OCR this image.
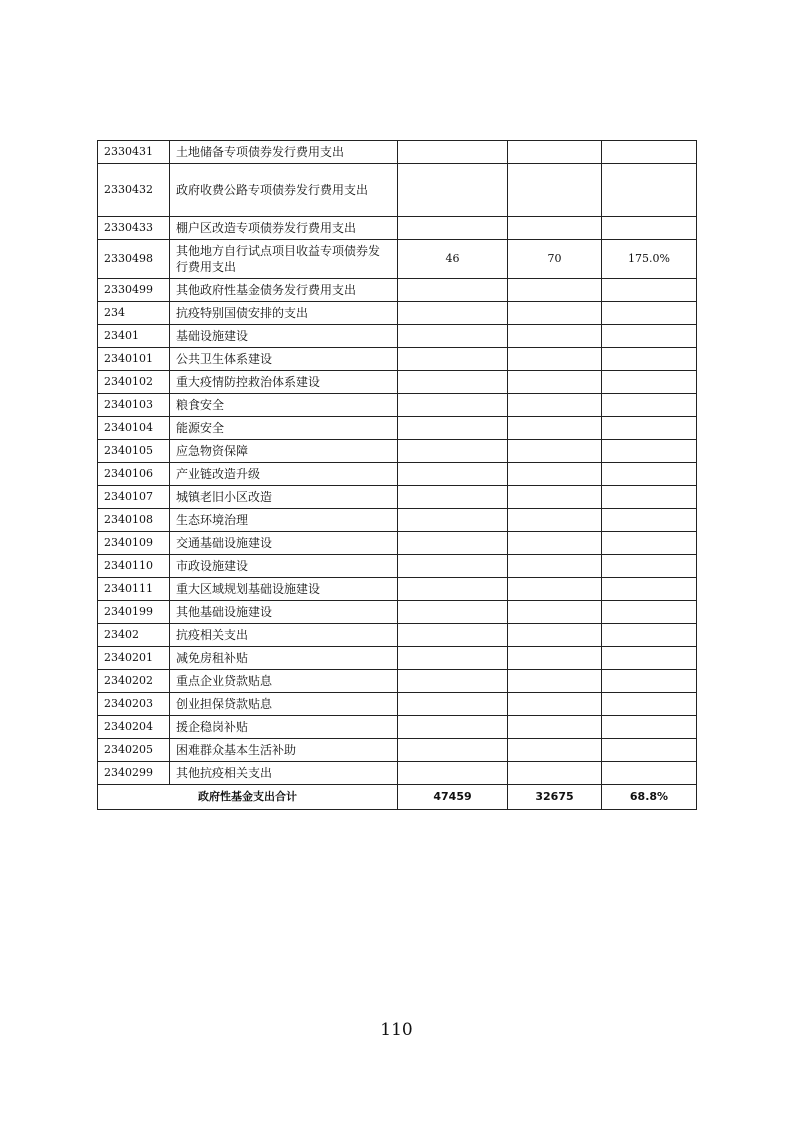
2330431	土地储备专项债券发行费用支出			
2330432	政府收费公路专项债券发行费用支出			
2330433	棚户区改造专项债券发行费用支出			
2330498	其他地方自行试点项目收益专项债券发行费用支出	46	70	175.0%
2330499	其他政府性基金债务发行费用支出			
234	抗疫特别国债安排的支出			
23401	基础设施建设			
2340101	公共卫生体系建设			
2340102	重大疫情防控救治体系建设			
2340103	粮食安全			
2340104	能源安全			
2340105	应急物资保障			
2340106	产业链改造升级			
2340107	城镇老旧小区改造			
2340108	生态环境治理			
2340109	交通基础设施建设			
2340110	市政设施建设			
2340111	重大区域规划基础设施建设			
2340199	其他基础设施建设			
23402	抗疫相关支出			
2340201	减免房租补贴			
2340202	重点企业贷款贴息			
2340203	创业担保贷款贴息			
2340204	援企稳岗补贴			
2340205	困难群众基本生活补助			
2340299	其他抗疫相关支出			
政府性基金支出合计		47459	32675	68.8%
110
